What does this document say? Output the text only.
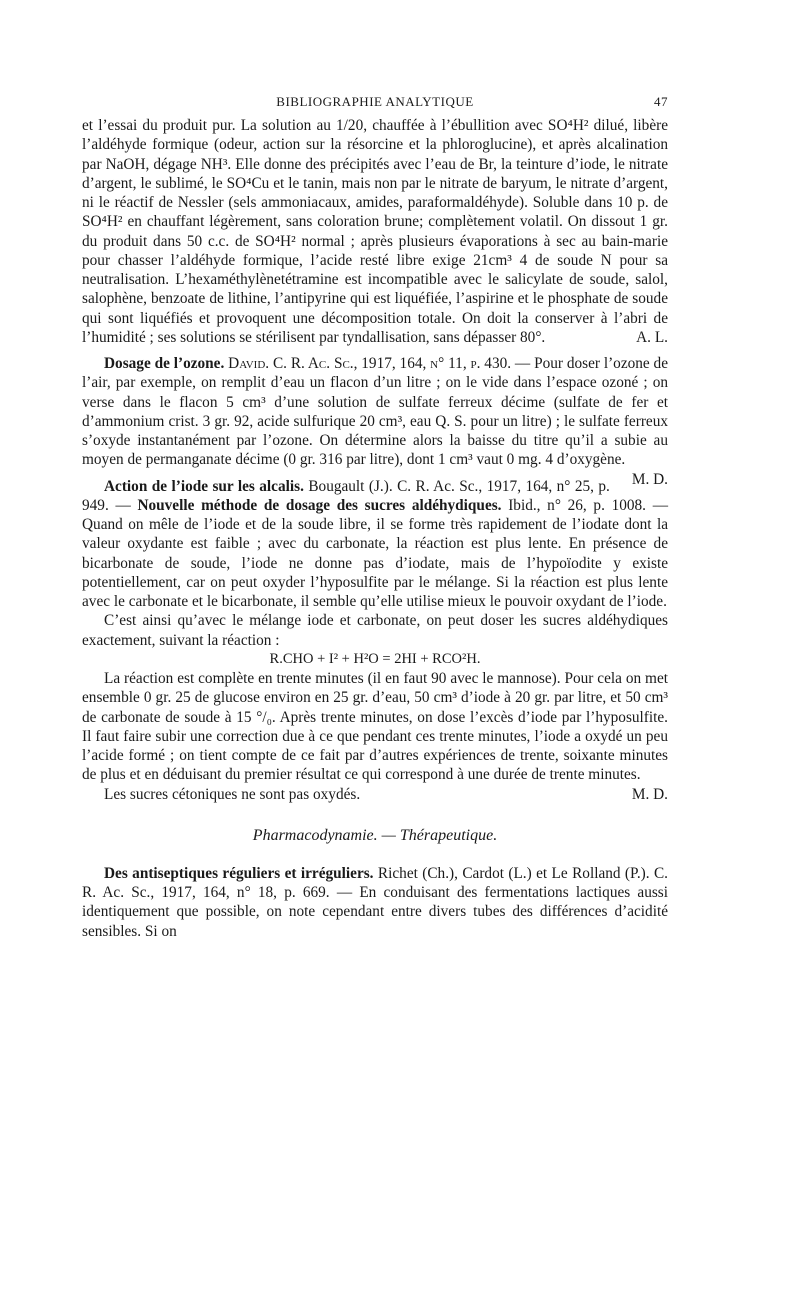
BIBLIOGRAPHIE ANALYTIQUE	47

et l’essai du produit pur. La solution au 1/20, chauffée à l’ébullition avec SO⁴H² dilué, libère l’aldéhyde formique (odeur, action sur la résorcine et la phloroglucine), et après alcalination par NaOH, dégage NH³. Elle donne des précipités avec l’eau de Br, la teinture d’iode, le nitrate d’argent, le sublimé, le SO⁴Cu et le tanin, mais non par le nitrate de baryum, le nitrate d’argent, ni le réactif de Nessler (sels ammoniacaux, amides, paraformaldéhyde). Soluble dans 10 p. de SO⁴H² en chauffant légèrement, sans coloration brune; complètement volatil. On dissout 1 gr. du produit dans 50 c.c. de SO⁴H² normal ; après plusieurs évaporations à sec au bain-marie pour chasser l’aldéhyde formique, l’acide resté libre exige 21cm³ 4 de soude N pour sa neutralisation. L’hexaméthylènetétramine est incompatible avec le salicylate de soude, salol, salophène, benzoate de lithine, l’antipyrine qui est liquéfiée, l’aspirine et le phosphate de soude qui sont liquéfiés et provoquent une décomposition totale. On doit la conserver à l’abri de l’humidité ; ses solutions se stérilisent par tyndallisation, sans dépasser 80°.	A. L.

Dosage de l’ozone. David. C. R. Ac. Sc., 1917, 164, n° 11, p. 430. — Pour doser l’ozone de l’air, par exemple, on remplit d’eau un flacon d’un litre ; on le vide dans l’espace ozoné ; on verse dans le flacon 5 cm³ d’une solution de sulfate ferreux décime (sulfate de fer et d’ammonium crist. 3 gr. 92, acide sulfurique 20 cm³, eau Q. S. pour un litre) ; le sulfate ferreux s’oxyde instantanément par l’ozone. On détermine alors la baisse du titre qu’il a subie au moyen de permanganate décime (0 gr. 316 par litre), dont 1 cm³ vaut 0 mg. 4 d’oxygène.
M. D.

Action de l’iode sur les alcalis. Bougault (J.). C. R. Ac. Sc., 1917, 164, n° 25, p. 949. — Nouvelle méthode de dosage des sucres aldéhydiques. Ibid., n° 26, p. 1008. — Quand on mêle de l’iode et de la soude libre, il se forme très rapidement de l’iodate dont la valeur oxydante est faible ; avec du carbonate, la réaction est plus lente. En présence de bicarbonate de soude, l’iode ne donne pas d’iodate, mais de l’hypoïodite y existe potentiellement, car on peut oxyder l’hyposulfite par le mélange. Si la réaction est plus lente avec le carbonate et le bicarbonate, il semble qu’elle utilise mieux le pouvoir oxydant de l’iode.

C’est ainsi qu’avec le mélange iode et carbonate, on peut doser les sucres aldéhydiques exactement, suivant la réaction :

R.CHO + I² + H²O = 2HI + RCO²H.

La réaction est complète en trente minutes (il en faut 90 avec le mannose). Pour cela on met ensemble 0 gr. 25 de glucose environ en 25 gr. d’eau, 50 cm³ d’iode à 20 gr. par litre, et 50 cm³ de carbonate de soude à 15 °/₀. Après trente minutes, on dose l’excès d’iode par l’hyposulfite. Il faut faire subir une correction due à ce que pendant ces trente minutes, l’iode a oxydé un peu l’acide formé ; on tient compte de ce fait par d’autres expériences de trente, soixante minutes de plus et en déduisant du premier résultat ce qui correspond à une durée de trente minutes.
M. D.

Les sucres cétoniques ne sont pas oxydés.

Pharmacodynamie. — Thérapeutique.

Des antiseptiques réguliers et irréguliers. Richet (Ch.), Cardot (L.) et Le Rolland (P.). C. R. Ac. Sc., 1917, 164, n° 18, p. 669. — En conduisant des fermentations lactiques aussi identiquement que possible, on note cependant entre divers tubes des différences d’acidité sensibles. Si on
